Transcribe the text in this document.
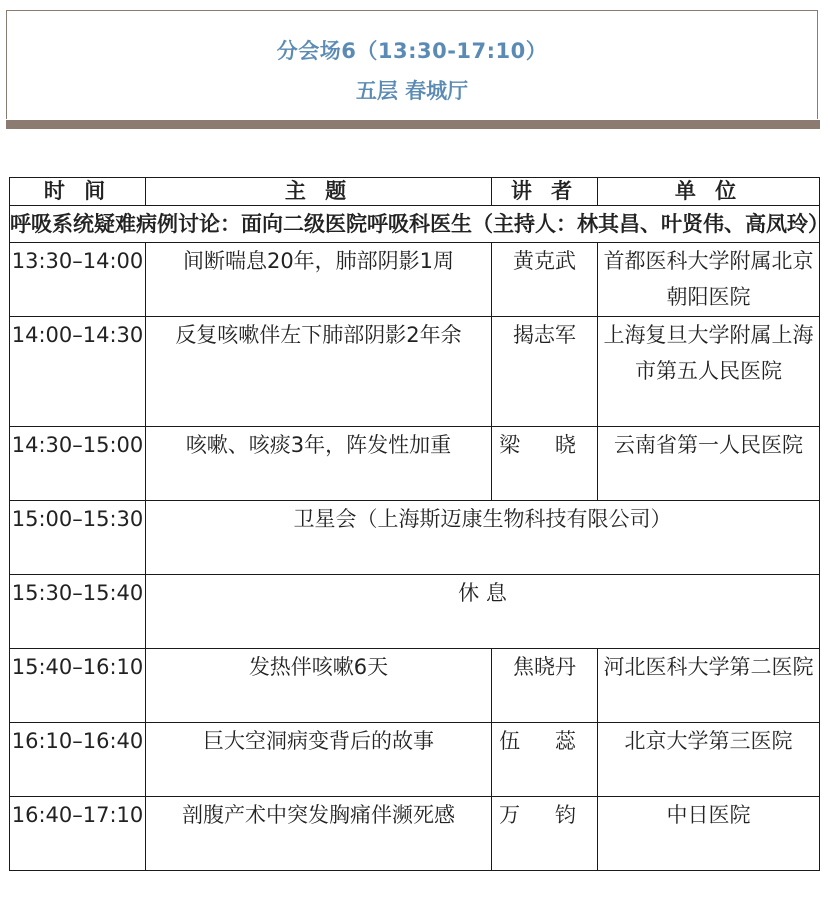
分会场6（13:30-17:10）
五层 春城厅
时 间	主 题	讲 者	单 位
呼吸系统疑难病例讨论：面向二级医院呼吸科医生（主持人：林其昌、叶贤伟、高凤玲）			
13:30–14:00	间断喘息20年，肺部阴影1周	黄克武	首都医科大学附属北京朝阳医院
14:00–14:30	反复咳嗽伴左下肺部阴影2年余	揭志军	上海复旦大学附属上海市第五人民医院
14:30–15:00	咳嗽、咳痰3年，阵发性加重	梁 晓	云南省第一人民医院
15:00–15:30	卫星会（上海斯迈康生物科技有限公司）		
15:30–15:40	休 息		
15:40–16:10	发热伴咳嗽6天	焦晓丹	河北医科大学第二医院
16:10–16:40	巨大空洞病变背后的故事	伍 蕊	北京大学第三医院
16:40–17:10	剖腹产术中突发胸痛伴濒死感	万 钧	中日医院
